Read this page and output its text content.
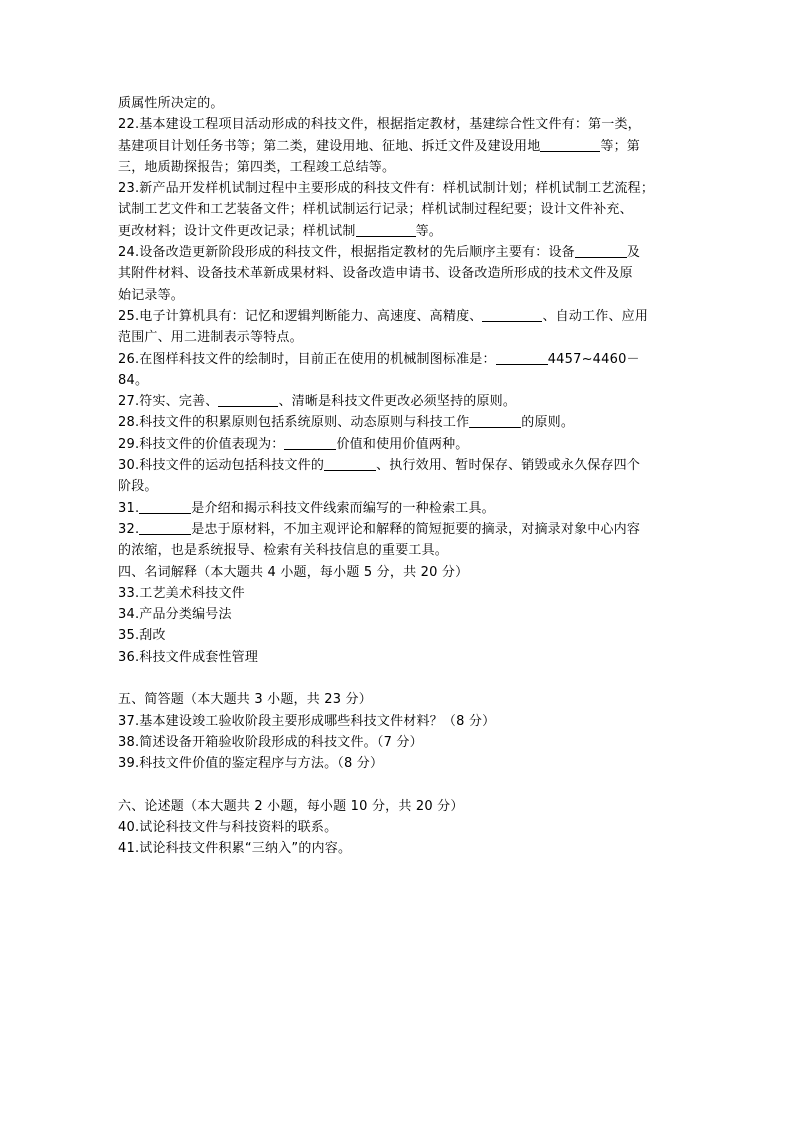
质属性所决定的。
22.基本建设工程项目活动形成的科技文件，根据指定教材，基建综合性文件有：第一类，
基建项目计划任务书等；第二类，建设用地、征地、拆迁文件及建设用地	等；第
三，地质勘探报告；第四类，工程竣工总结等。
23.新产品开发样机试制过程中主要形成的科技文件有：样机试制计划；样机试制工艺流程；
试制工艺文件和工艺装备文件；样机试制运行记录；样机试制过程纪要；设计文件补充、
更改材料；设计文件更改记录；样机试制	等。
24.设备改造更新阶段形成的科技文件，根据指定教材的先后顺序主要有：设备	及
其附件材料、设备技术革新成果材料、设备改造申请书、设备改造所形成的技术文件及原
始记录等。
25.电子计算机具有：记忆和逻辑判断能力、高速度、高精度、	、自动工作、应用
范围广、用二进制表示等特点。
26.在图样科技文件的绘制时，目前正在使用的机械制图标准是：	4457~4460－
84。
27.符实、完善、	、清晰是科技文件更改必须坚持的原则。
28.科技文件的积累原则包括系统原则、动态原则与科技工作	的原则。
29.科技文件的价值表现为：	价值和使用价值两种。
30.科技文件的运动包括科技文件的	、执行效用、暂时保存、销毁或永久保存四个
阶段。
31.	是介绍和揭示科技文件线索而编写的一种检索工具。
32.	是忠于原材料，不加主观评论和解释的简短扼要的摘录，对摘录对象中心内容
的浓缩，也是系统报导、检索有关科技信息的重要工具。
四、名词解释（本大题共 4 小题，每小题 5 分，共 20 分）
33.工艺美术科技文件
34.产品分类编号法
35.刮改
36.科技文件成套性管理
五、简答题（本大题共 3 小题，共 23 分）
37.基本建设竣工验收阶段主要形成哪些科技文件材料？（8 分）
38.简述设备开箱验收阶段形成的科技文件。（7 分）
39.科技文件价值的鉴定程序与方法。（8 分）
六、论述题（本大题共 2 小题，每小题 10 分，共 20 分）
40.试论科技文件与科技资料的联系。
41.试论科技文件积累“三纳入”的内容。
